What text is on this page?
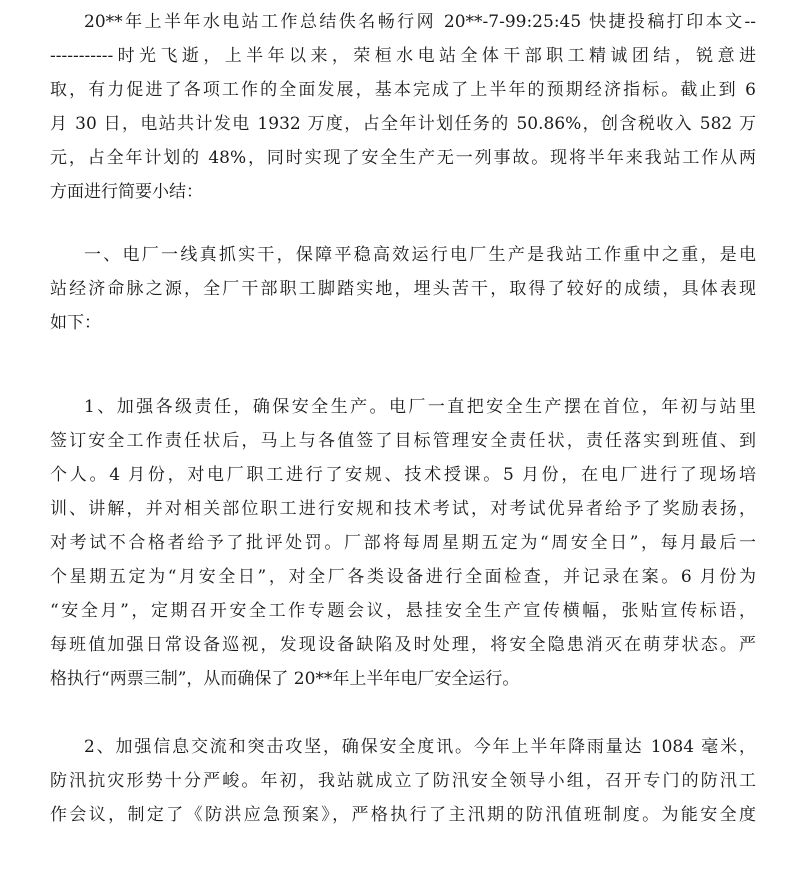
20**年上半年水电站工作总结佚名畅行网 20**-7-99:25:45 快捷投稿打印本文--

-----------时光飞逝，上半年以来，荣桓水电站全体干部职工精诚团结，锐意进

取，有力促进了各项工作的全面发展，基本完成了上半年的预期经济指标。截止到 6

月 30 日，电站共计发电 1932 万度，占全年计划任务的 50.86%，创含税收入 582 万

元，占全年计划的 48%，同时实现了安全生产无一列事故。现将半年来我站工作从两

方面进行简要小结：

一、电厂一线真抓实干，保障平稳高效运行电厂生产是我站工作重中之重，是电

站经济命脉之源，全厂干部职工脚踏实地，埋头苦干，取得了较好的成绩，具体表现

如下：

1、加强各级责任，确保安全生产。电厂一直把安全生产摆在首位，年初与站里

签订安全工作责任状后，马上与各值签了目标管理安全责任状，责任落实到班值、到

个人。4 月份，对电厂职工进行了安规、技术授课。5 月份，在电厂进行了现场培

训、讲解，并对相关部位职工进行安规和技术考试，对考试优异者给予了奖励表扬，

对考试不合格者给予了批评处罚。厂部将每周星期五定为“周安全日”，每月最后一

个星期五定为“月安全日”，对全厂各类设备进行全面检查，并记录在案。6 月份为

“安全月”，定期召开安全工作专题会议，悬挂安全生产宣传横幅，张贴宣传标语，

每班值加强日常设备巡视，发现设备缺陷及时处理，将安全隐患消灭在萌芽状态。严

格执行“两票三制”，从而确保了 20**年上半年电厂安全运行。

2、加强信息交流和突击攻坚，确保安全度讯。今年上半年降雨量达 1084 毫米，

防汛抗灾形势十分严峻。年初，我站就成立了防汛安全领导小组，召开专门的防汛工

作会议，制定了《防洪应急预案》，严格执行了主汛期的防汛值班制度。为能安全度
